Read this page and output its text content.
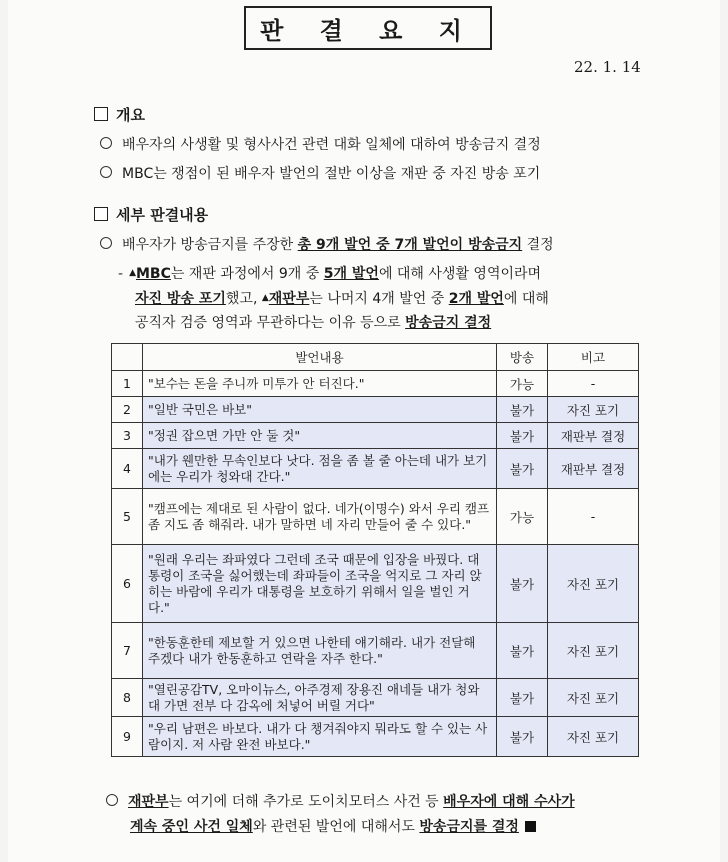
판 결 요 지
22. 1. 14
개요
배우자의 사생활 및 형사사건 관련 대화 일체에 대하여 방송금지 결정
MBC는 쟁점이 된 배우자 발언의 절반 이상을 재판 중 자진 방송 포기
세부 판결내용
배우자가 방송금지를 주장한 총 9개 발언 중 7개 발언이 방송금지 결정
- ▲MBC는 재판 과정에서 9개 중 5개 발언에 대해 사생활 영역이라며
자진 방송 포기했고, ▲재판부는 나머지 4개 발언 중 2개 발언에 대해
공직자 검증 영역과 무관하다는 이유 등으로 방송금지 결정
	발언내용	방송	비고
1	"보수는 돈을 주니까 미투가 안 터진다."	가능	-
2	"일반 국민은 바보"	불가	자진 포기
3	"정권 잡으면 가만 안 둘 것"	불가	재판부 결정
4	"내가 웬만한 무속인보다 낫다. 점을 좀 볼 줄 아는데 내가 보기에는 우리가 청와대 간다."	불가	재판부 결정
5	"캠프에는 제대로 된 사람이 없다. 네가(이명수) 와서 우리 캠프 좀 지도 좀 해줘라. 내가 말하면 네 자리 만들어 줄 수 있다."	가능	-
6	"원래 우리는 좌파였다 그런데 조국 때문에 입장을 바꿨다. 대통령이 조국을 싫어했는데 좌파들이 조국을 억지로 그 자리 앉히는 바람에 우리가 대통령을 보호하기 위해서 일을 벌인 거다."	불가	자진 포기
7	"한동훈한테 제보할 거 있으면 나한테 얘기해라. 내가 전달해 주겠다 내가 한동훈하고 연락을 자주 한다."	불가	자진 포기
8	"열린공감TV, 오마이뉴스, 아주경제 장용진 애네들 내가 청와대 가면 전부 다 감옥에 처넣어 버릴 거다"	불가	자진 포기
9	"우리 남편은 바보다. 내가 다 챙겨줘야지 뭐라도 할 수 있는 사람이지. 저 사람 완전 바보다."	불가	자진 포기
재판부는 여기에 더해 추가로 도이치모터스 사건 등 배우자에 대해 수사가
계속 중인 사건 일체와 관련된 발언에 대해서도 방송금지를 결정
